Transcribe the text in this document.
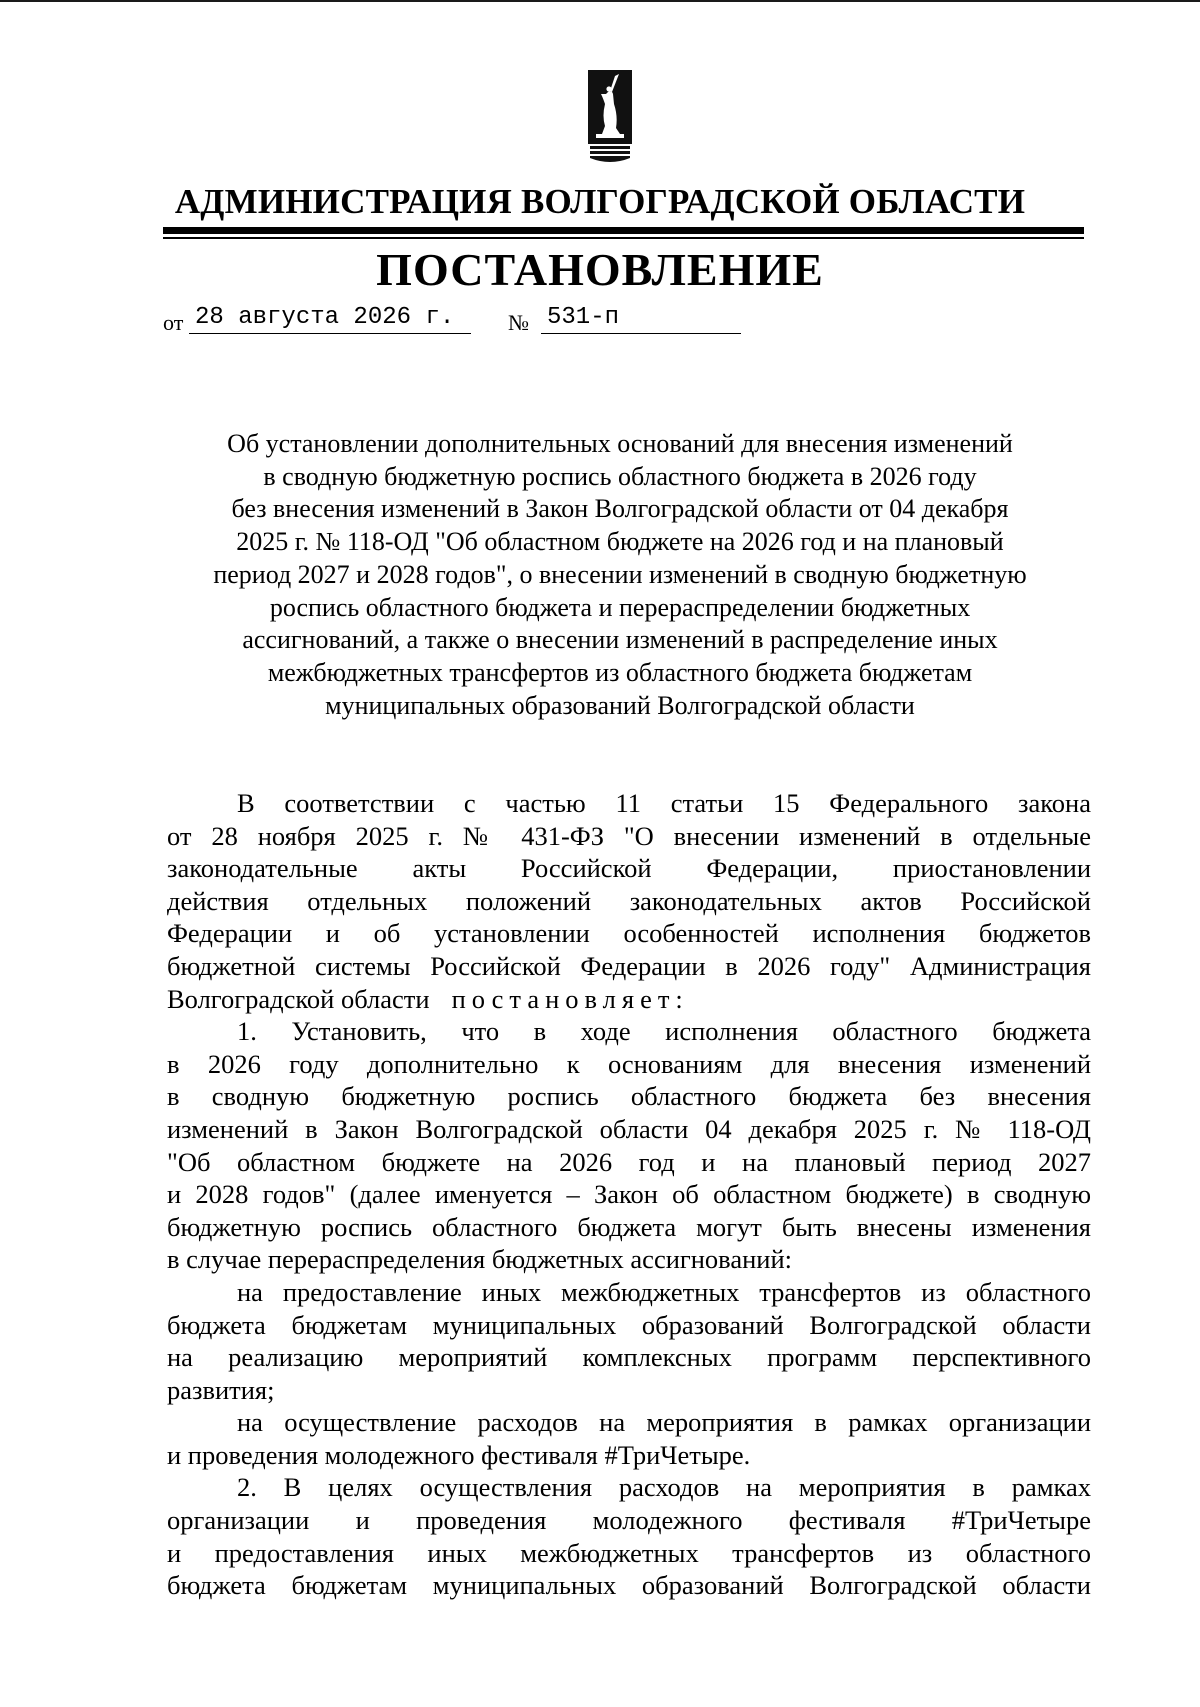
АДМИНИСТРАЦИЯ ВОЛГОГРАДСКОЙ ОБЛАСТИ
ПОСТАНОВЛЕНИЕ
от 28 августа 2026 г.	№ 531-п
Об установлении дополнительных оснований для внесения изменений
в сводную бюджетную роспись областного бюджета в 2026 году
без внесения изменений в Закон Волгоградской области от 04 декабря
2025 г. № 118-ОД "Об областном бюджете на 2026 год и на плановый
период 2027 и 2028 годов", о внесении изменений в сводную бюджетную
роспись областного бюджета и перераспределении бюджетных
ассигнований, а также о внесении изменений в распределение иных
межбюджетных трансфертов из областного бюджета бюджетам
муниципальных образований Волгоградской области
В соответствии с частью 11 статьи 15 Федерального закона
от 28 ноября 2025 г. № 431-ФЗ "О внесении изменений в отдельные
законодательные акты Российской Федерации, приостановлении
действия отдельных положений законодательных актов Российской
Федерации и об установлении особенностей исполнения бюджетов
бюджетной системы Российской Федерации в 2026 году" Администрация
Волгоградской области постановляет:
1. Установить, что в ходе исполнения областного бюджета
в 2026 году дополнительно к основаниям для внесения изменений
в сводную бюджетную роспись областного бюджета без внесения
изменений в Закон Волгоградской области 04 декабря 2025 г. № 118-ОД
"Об областном бюджете на 2026 год и на плановый период 2027
и 2028 годов" (далее именуется – Закон об областном бюджете) в сводную
бюджетную роспись областного бюджета могут быть внесены изменения
в случае перераспределения бюджетных ассигнований:
на предоставление иных межбюджетных трансфертов из областного
бюджета бюджетам муниципальных образований Волгоградской области
на реализацию мероприятий комплексных программ перспективного
развития;
на осуществление расходов на мероприятия в рамках организации
и проведения молодежного фестиваля #ТриЧетыре.
2. В целях осуществления расходов на мероприятия в рамках
организации и проведения молодежного фестиваля #ТриЧетыре
и предоставления иных межбюджетных трансфертов из областного
бюджета бюджетам муниципальных образований Волгоградской области
